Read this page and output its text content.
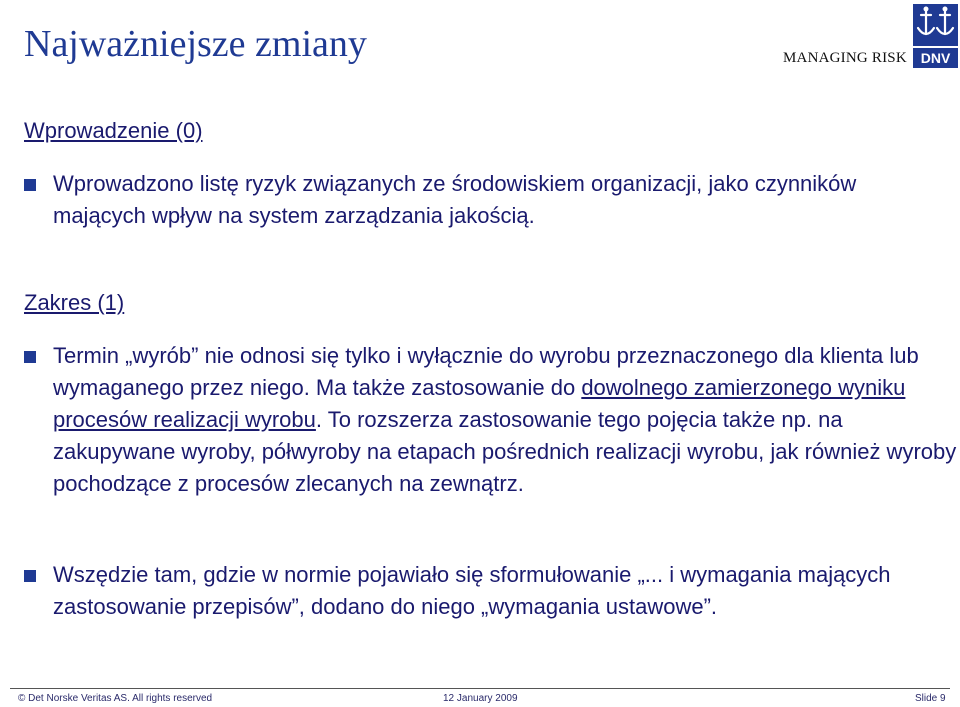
Najważniejsze zmiany	MANAGING RISK DNV
Wprowadzenie (0)
Wprowadzono listę ryzyk związanych ze środowiskiem organizacji, jako czynników mających wpływ na system zarządzania jakością.
Zakres (1)
Termin „wyrób” nie odnosi się tylko i wyłącznie do wyrobu przeznaczonego dla klienta lub wymaganego przez niego. Ma także zastosowanie do dowolnego zamierzonego wyniku procesów realizacji wyrobu. To rozszerza zastosowanie tego pojęcia także np. na zakupywane wyroby, półwyroby na etapach pośrednich realizacji wyrobu, jak również wyroby pochodzące z procesów zlecanych na zewnątrz.
Wszędzie tam, gdzie w normie pojawiało się sformułowanie „... i wymagania mających zastosowanie przepisów”, dodano do niego „wymagania ustawowe”.
© Det Norske Veritas AS. All rights reserved	12 January 2009	Slide 9
